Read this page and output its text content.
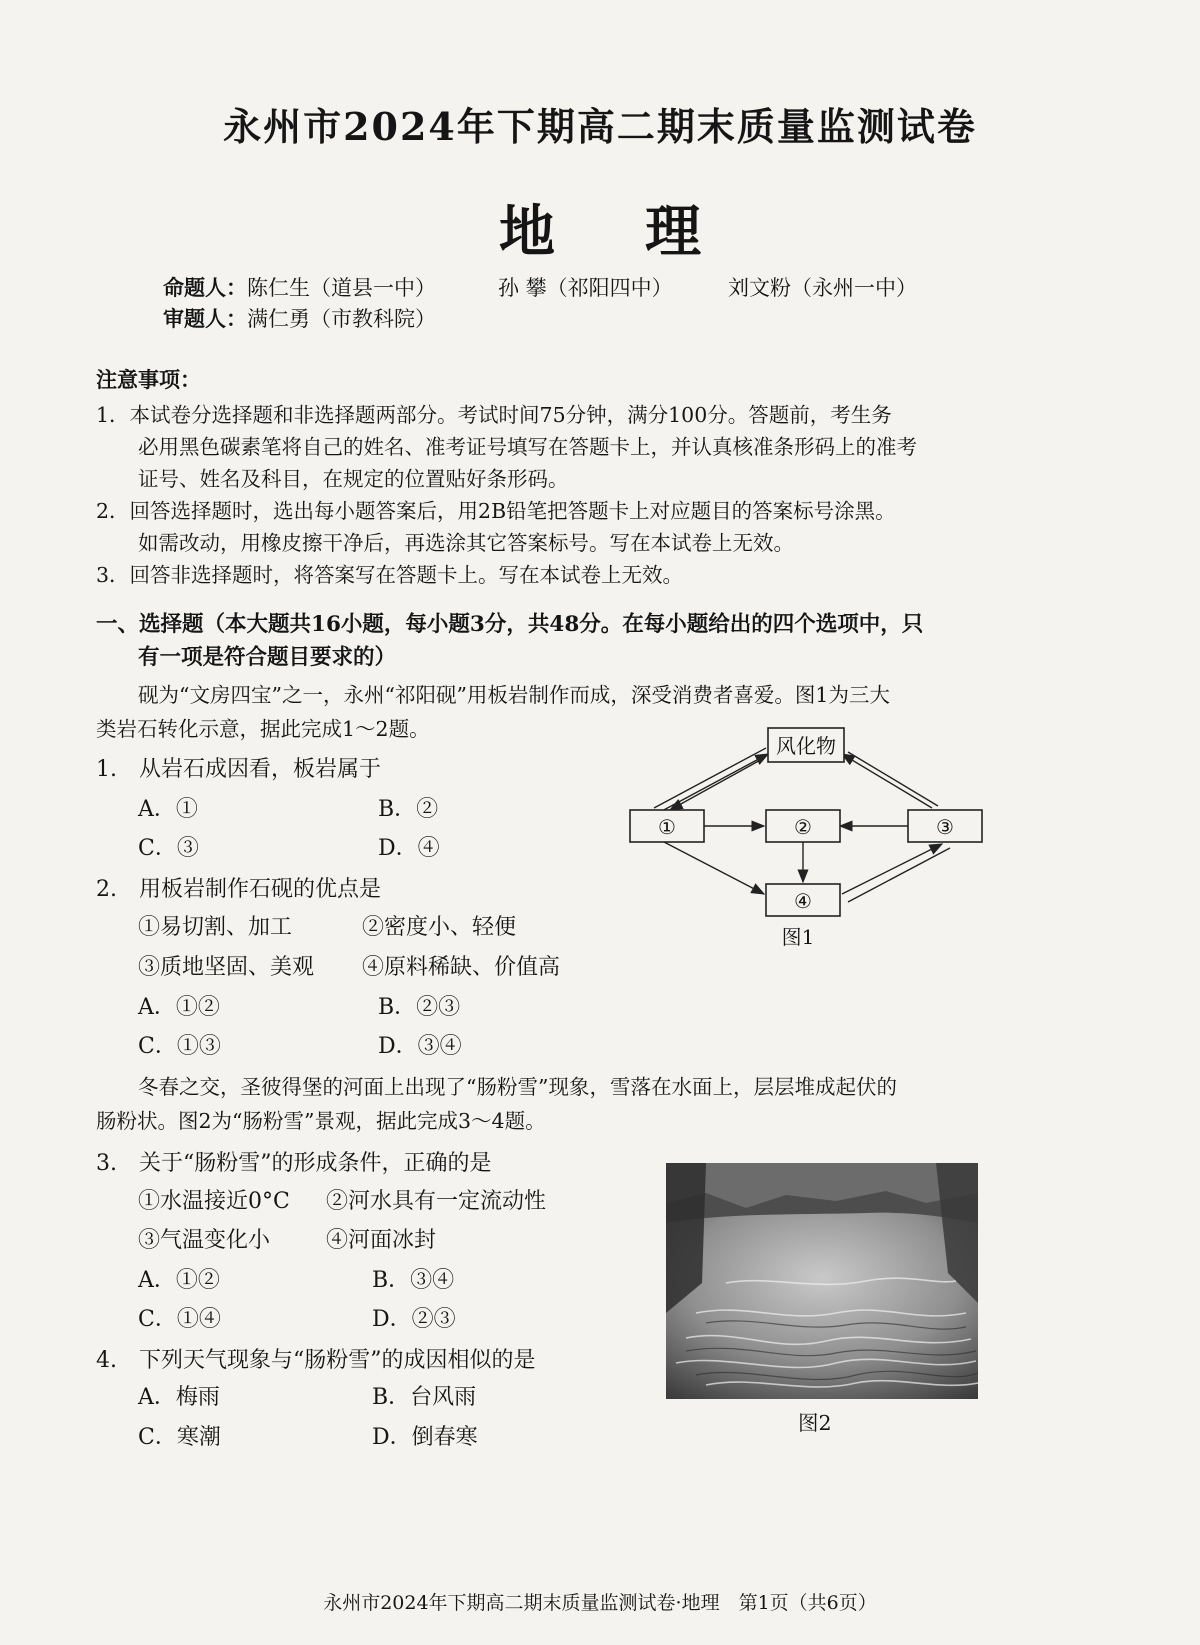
永州市2024年下期高二期末质量监测试卷
地理
命题人：陈仁生（道县一中）	孙 攀（祁阳四中）	刘文粉（永州一中）
审题人：满仁勇（市教科院）
注意事项：
1．本试卷分选择题和非选择题两部分。考试时间75分钟，满分100分。答题前，考生务
必用黑色碳素笔将自己的姓名、准考证号填写在答题卡上，并认真核准条形码上的准考
证号、姓名及科目，在规定的位置贴好条形码。
2．回答选择题时，选出每小题答案后，用2B铅笔把答题卡上对应题目的答案标号涂黑。
如需改动，用橡皮擦干净后，再选涂其它答案标号。写在本试卷上无效。
3．回答非选择题时，将答案写在答题卡上。写在本试卷上无效。
一、选择题（本大题共16小题，每小题3分，共48分。在每小题给出的四个选项中，只
有一项是符合题目要求的）
砚为“文房四宝”之一，永州“祁阳砚”用板岩制作而成，深受消费者喜爱。图1为三大
类岩石转化示意，据此完成1～2题。
1.　从岩石成因看，板岩属于
A．①	B．②
C．③	D．④
2.　用板岩制作石砚的优点是
①易切割、加工	②密度小、轻便
③质地坚固、美观 ④原料稀缺、价值高
A．①②	B．②③
C．①③	D．③④
风化物
①	②	③
④
图1
冬春之交，圣彼得堡的河面上出现了“肠粉雪”现象，雪落在水面上，层层堆成起伏的
肠粉状。图2为“肠粉雪”景观，据此完成3～4题。
3.　关于“肠粉雪”的形成条件，正确的是
①水温接近0°C ②河水具有一定流动性
③气温变化小	④河面冰封
A．①②	B．③④
C．①④	D．②③
4.　下列天气现象与“肠粉雪”的成因相似的是
A．梅雨	B．台风雨
C．寒潮	D．倒春寒
图2
永州市2024年下期高二期末质量监测试卷·地理　第1页（共6页）
